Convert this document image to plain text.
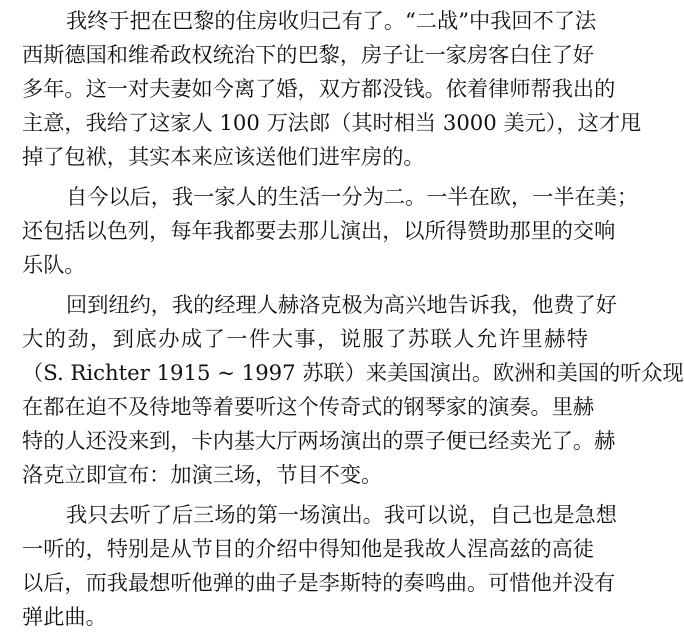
我终于把在巴黎的住房收归己有了。“二战”中我回不了法
西斯德国和维希政权统治下的巴黎，房子让一家房客白住了好
多年。这一对夫妻如今离了婚，双方都没钱。依着律师帮我出的
主意，我给了这家人 100 万法郎（其时相当 3000 美元），这才甩
掉了包袱，其实本来应该送他们进牢房的。
自今以后，我一家人的生活一分为二。一半在欧，一半在美；
还包括以色列，每年我都要去那儿演出，以所得赞助那里的交响
乐队。
回到纽约，我的经理人赫洛克极为高兴地告诉我，他费了好
大的劲，到底办成了一件大事，说服了苏联人允许里赫特
（S. Richter 1915 ~ 1997 苏联）来美国演出。欧洲和美国的听众现
在都在迫不及待地等着要听这个传奇式的钢琴家的演奏。里赫
特的人还没来到，卡内基大厅两场演出的票子便已经卖光了。赫
洛克立即宣布：加演三场，节目不变。
我只去听了后三场的第一场演出。我可以说，自己也是急想
一听的，特别是从节目的介绍中得知他是我故人涅高兹的高徒
以后，而我最想听他弹的曲子是李斯特的奏鸣曲。可惜他并没有
弹此曲。
